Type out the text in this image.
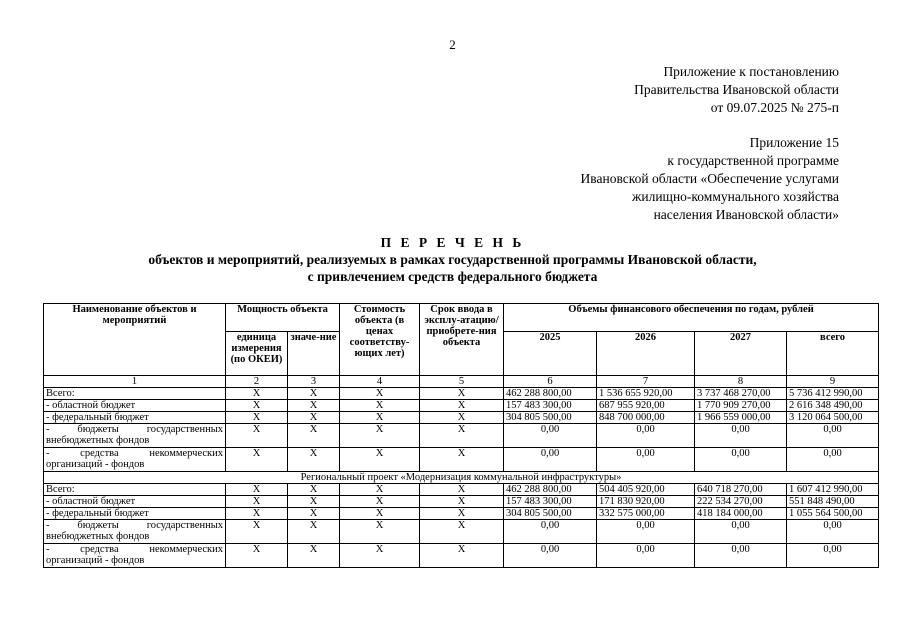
2
Приложение к постановлению
Правительства Ивановской области
от 09.07.2025 № 275-п
Приложение 15
к государственной программе
Ивановской области «Обеспечение услугами
жилищно-коммунального хозяйства
населения Ивановской области»
П Е Р Е Ч Е Н Ь
объектов и мероприятий, реализуемых в рамках государственной программы Ивановской области,
с привлечением средств федерального бюджета
Наименование объектов и мероприятий	Мощность объекта		Стоимость объекта (в ценах соответству-ющих лет)	Срок ввода в эксплу-атацию/ приобрете-ния объекта	Объемы финансового обеспечения по годам, рублей			
	единица измерения (по ОКЕИ)	значе-ние			2025	2026	2027	всего
1	2	3	4	5	6	7	8	9
Всего:	X	X	X	X	462 288 800,00	1 536 655 920,00	3 737 468 270,00	5 736 412 990,00
- областной бюджет	X	X	X	X	157 483 300,00	687 955 920,00	1 770 909 270,00	2 616 348 490,00
- федеральный бюджет	X	X	X	X	304 805 500,00	848 700 000,00	1 966 559 000,00	3 120 064 500,00

- бюджеты государственных
внебюджетных фондов	X	X	X	X	0,00	0,00	0,00	0,00

- средства некоммерческих
организаций - фондов	X	X	X	X	0,00	0,00	0,00	0,00
Региональный проект «Модернизация коммунальной инфраструктуры»								
Всего:	X	X	X	X	462 288 800,00	504 405 920,00	640 718 270,00	1 607 412 990,00
- областной бюджет	X	X	X	X	157 483 300,00	171 830 920,00	222 534 270,00	551 848 490,00
- федеральный бюджет	X	X	X	X	304 805 500,00	332 575 000,00	418 184 000,00	1 055 564 500,00

- бюджеты государственных
внебюджетных фондов	X	X	X	X	0,00	0,00	0,00	0,00

- средства некоммерческих
организаций - фондов	X	X	X	X	0,00	0,00	0,00	0,00
